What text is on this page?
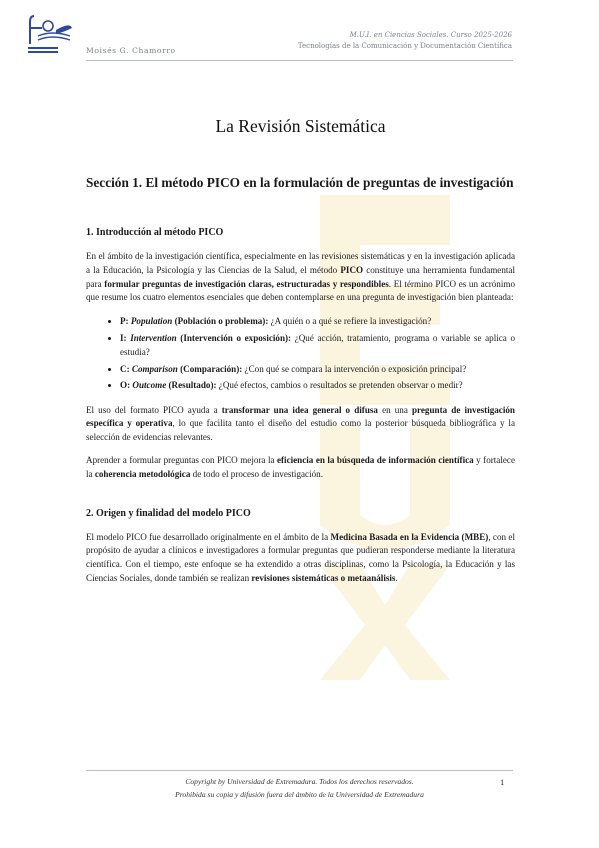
Moisés G. Chamorro
M.U.I. en Ciencias Sociales. Curso 2025-2026
Tecnologías de la Comunicación y Documentación Científica
La Revisión Sistemática
Sección 1. El método PICO en la formulación de preguntas de investigación
1. Introducción al método PICO

En el ámbito de la investigación científica, especialmente en las revisiones sistemáticas y en la investigación aplicada a la Educación, la Psicología y las Ciencias de la Salud, el método PICO constituye una herramienta fundamental para formular preguntas de investigación claras, estructuradas y respondibles. El término PICO es un acrónimo que resume los cuatro elementos esenciales que deben contemplarse en una pregunta de investigación bien planteada:

• P: Population (Población o problema): ¿A quién o a qué se refiere la investigación?
• I: Intervention (Intervención o exposición): ¿Qué acción, tratamiento, programa o variable se aplica o estudia?
• C: Comparison (Comparación): ¿Con qué se compara la intervención o exposición principal?
• O: Outcome (Resultado): ¿Qué efectos, cambios o resultados se pretenden observar o medir?

El uso del formato PICO ayuda a transformar una idea general o difusa en una pregunta de investigación específica y operativa, lo que facilita tanto el diseño del estudio como la posterior búsqueda bibliográfica y la selección de evidencias relevantes.

Aprender a formular preguntas con PICO mejora la eficiencia en la búsqueda de información científica y fortalece la coherencia metodológica de todo el proceso de investigación.

2. Origen y finalidad del modelo PICO

El modelo PICO fue desarrollado originalmente en el ámbito de la Medicina Basada en la Evidencia (MBE), con el propósito de ayudar a clínicos e investigadores a formular preguntas que pudieran responderse mediante la literatura científica. Con el tiempo, este enfoque se ha extendido a otras disciplinas, como la Psicología, la Educación y las Ciencias Sociales, donde también se realizan revisiones sistemáticas o metaanálisis.

Copyright by Universidad de Extremadura. Todos los derechos reservados.
Prohibida su copia y difusión fuera del ámbito de la Universidad de Extremadura
1
